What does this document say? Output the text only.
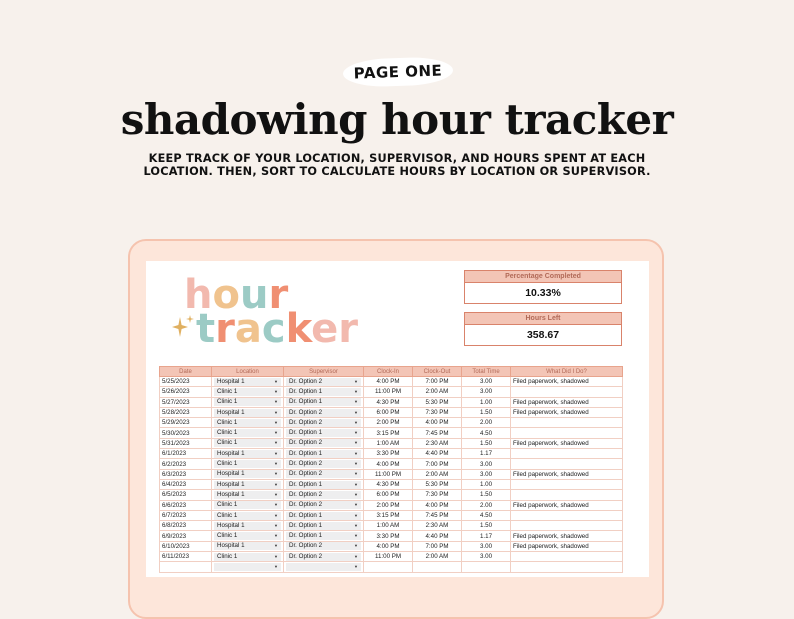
PAGE ONE
shadowing hour tracker
KEEP TRACK OF YOUR LOCATION, SUPERVISOR, AND HOURS SPENT AT EACH
LOCATION. THEN, SORT TO CALCULATE HOURS BY LOCATION OR SUPERVISOR.
hour
tracker
Percentage Completed
10.33%
Hours Left
358.67
Date	Location	Supervisor	Clock-In	Clock-Out	Total Time	What Did I Do?
5/25/2023	Hospital 1 ▼	Dr. Option 2 ▼	4:00 PM	7:00 PM	3.00	Filed paperwork, shadowed
5/26/2023	Clinic 1 ▼	Dr. Option 1 ▼	11:00 PM	2:00 AM	3.00	
5/27/2023	Clinic 1 ▼	Dr. Option 1 ▼	4:30 PM	5:30 PM	1.00	Filed paperwork, shadowed
5/28/2023	Hospital 1 ▼	Dr. Option 2 ▼	6:00 PM	7:30 PM	1.50	Filed paperwork, shadowed
5/29/2023	Clinic 1 ▼	Dr. Option 2 ▼	2:00 PM	4:00 PM	2.00	
5/30/2023	Clinic 1 ▼	Dr. Option 1 ▼	3:15 PM	7:45 PM	4.50	
5/31/2023	Clinic 1 ▼	Dr. Option 2 ▼	1:00 AM	2:30 AM	1.50	Filed paperwork, shadowed
6/1/2023	Hospital 1 ▼	Dr. Option 1 ▼	3:30 PM	4:40 PM	1.17	
6/2/2023	Clinic 1 ▼	Dr. Option 2 ▼	4:00 PM	7:00 PM	3.00	
6/3/2023	Hospital 1 ▼	Dr. Option 2 ▼	11:00 PM	2:00 AM	3.00	Filed paperwork, shadowed
6/4/2023	Hospital 1 ▼	Dr. Option 1 ▼	4:30 PM	5:30 PM	1.00	
6/5/2023	Hospital 1 ▼	Dr. Option 2 ▼	6:00 PM	7:30 PM	1.50	
6/6/2023	Clinic 1 ▼	Dr. Option 2 ▼	2:00 PM	4:00 PM	2.00	Filed paperwork, shadowed
6/7/2023	Clinic 1 ▼	Dr. Option 1 ▼	3:15 PM	7:45 PM	4.50	
6/8/2023	Hospital 1 ▼	Dr. Option 1 ▼	1:00 AM	2:30 AM	1.50	
6/9/2023	Clinic 1 ▼	Dr. Option 1 ▼	3:30 PM	4:40 PM	1.17	Filed paperwork, shadowed
6/10/2023	Hospital 1 ▼	Dr. Option 2 ▼	4:00 PM	7:00 PM	3.00	Filed paperwork, shadowed
6/11/2023	Clinic 1 ▼	Dr. Option 2 ▼	11:00 PM	2:00 AM	3.00	

	▼	▼				
